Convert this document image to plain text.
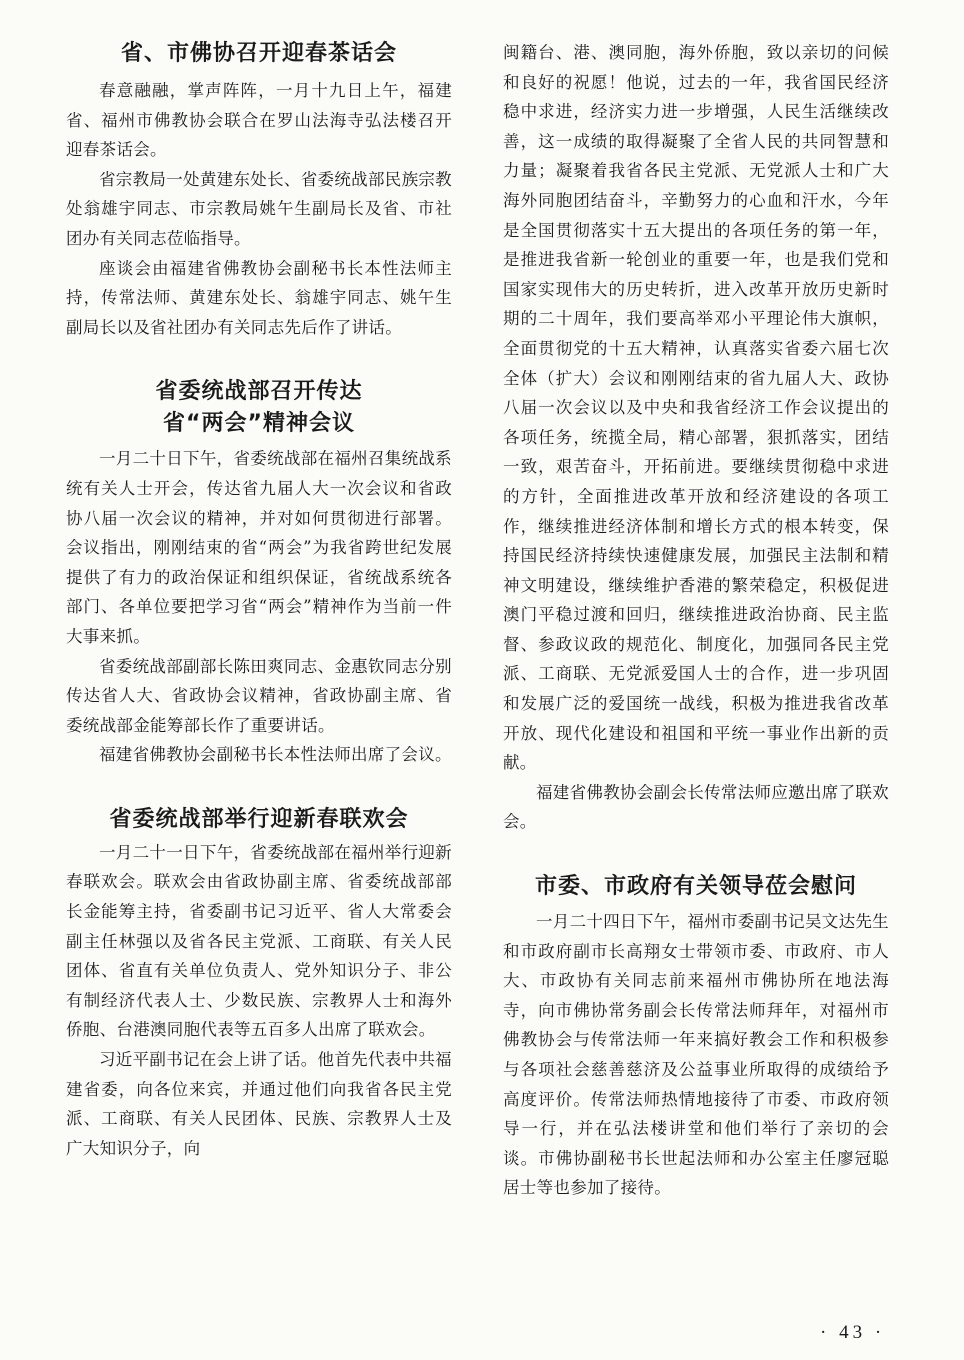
省、市佛协召开迎春茶话会

春意融融，掌声阵阵，一月十九日上午，福建省、福州市佛教协会联合在罗山法海寺弘法楼召开迎春茶话会。

省宗教局一处黄建东处长、省委统战部民族宗教处翁雄宇同志、市宗教局姚午生副局长及省、市社团办有关同志莅临指导。

座谈会由福建省佛教协会副秘书长本性法师主持，传常法师、黄建东处长、翁雄宇同志、姚午生副局长以及省社团办有关同志先后作了讲话。

省委统战部召开传达
省“两会”精神会议

一月二十日下午，省委统战部在福州召集统战系统有关人士开会，传达省九届人大一次会议和省政协八届一次会议的精神，并对如何贯彻进行部署。会议指出，刚刚结束的省“两会”为我省跨世纪发展提供了有力的政治保证和组织保证，省统战系统各部门、各单位要把学习省“两会”精神作为当前一件大事来抓。

省委统战部副部长陈田爽同志、金惠钦同志分别传达省人大、省政协会议精神，省政协副主席、省委统战部金能筹部长作了重要讲话。

福建省佛教协会副秘书长本性法师出席了会议。

省委统战部举行迎新春联欢会

一月二十一日下午，省委统战部在福州举行迎新春联欢会。联欢会由省政协副主席、省委统战部部长金能筹主持，省委副书记习近平、省人大常委会副主任林强以及省各民主党派、工商联、有关人民团体、省直有关单位负责人、党外知识分子、非公有制经济代表人士、少数民族、宗教界人士和海外侨胞、台港澳同胞代表等五百多人出席了联欢会。

习近平副书记在会上讲了话。他首先代表中共福建省委，向各位来宾，并通过他们向我省各民主党派、工商联、有关人民团体、民族、宗教界人士及广大知识分子，向

闽籍台、港、澳同胞，海外侨胞，致以亲切的问候和良好的祝愿！他说，过去的一年，我省国民经济稳中求进，经济实力进一步增强，人民生活继续改善，这一成绩的取得凝聚了全省人民的共同智慧和力量；凝聚着我省各民主党派、无党派人士和广大海外同胞团结奋斗，辛勤努力的心血和汗水，今年是全国贯彻落实十五大提出的各项任务的第一年，是推进我省新一轮创业的重要一年，也是我们党和国家实现伟大的历史转折，进入改革开放历史新时期的二十周年，我们要高举邓小平理论伟大旗帜，全面贯彻党的十五大精神，认真落实省委六届七次全体（扩大）会议和刚刚结束的省九届人大、政协八届一次会议以及中央和我省经济工作会议提出的各项任务，统揽全局，精心部署，狠抓落实，团结一致，艰苦奋斗，开拓前进。要继续贯彻稳中求进的方针，全面推进改革开放和经济建设的各项工作，继续推进经济体制和增长方式的根本转变，保持国民经济持续快速健康发展，加强民主法制和精神文明建设，继续维护香港的繁荣稳定，积极促进澳门平稳过渡和回归，继续推进政治协商、民主监督、参政议政的规范化、制度化，加强同各民主党派、工商联、无党派爱国人士的合作，进一步巩固和发展广泛的爱国统一战线，积极为推进我省改革开放、现代化建设和祖国和平统一事业作出新的贡献。

福建省佛教协会副会长传常法师应邀出席了联欢会。

市委、市政府有关领导莅会慰问

一月二十四日下午，福州市委副书记吴文达先生和市政府副市长高翔女士带领市委、市政府、市人大、市政协有关同志前来福州市佛协所在地法海寺，向市佛协常务副会长传常法师拜年，对福州市佛教协会与传常法师一年来搞好教会工作和积极参与各项社会慈善慈济及公益事业所取得的成绩给予高度评价。传常法师热情地接待了市委、市政府领导一行，并在弘法楼讲堂和他们举行了亲切的会谈。市佛协副秘书长世起法师和办公室主任廖冠聪居士等也参加了接待。

· 43 ·
